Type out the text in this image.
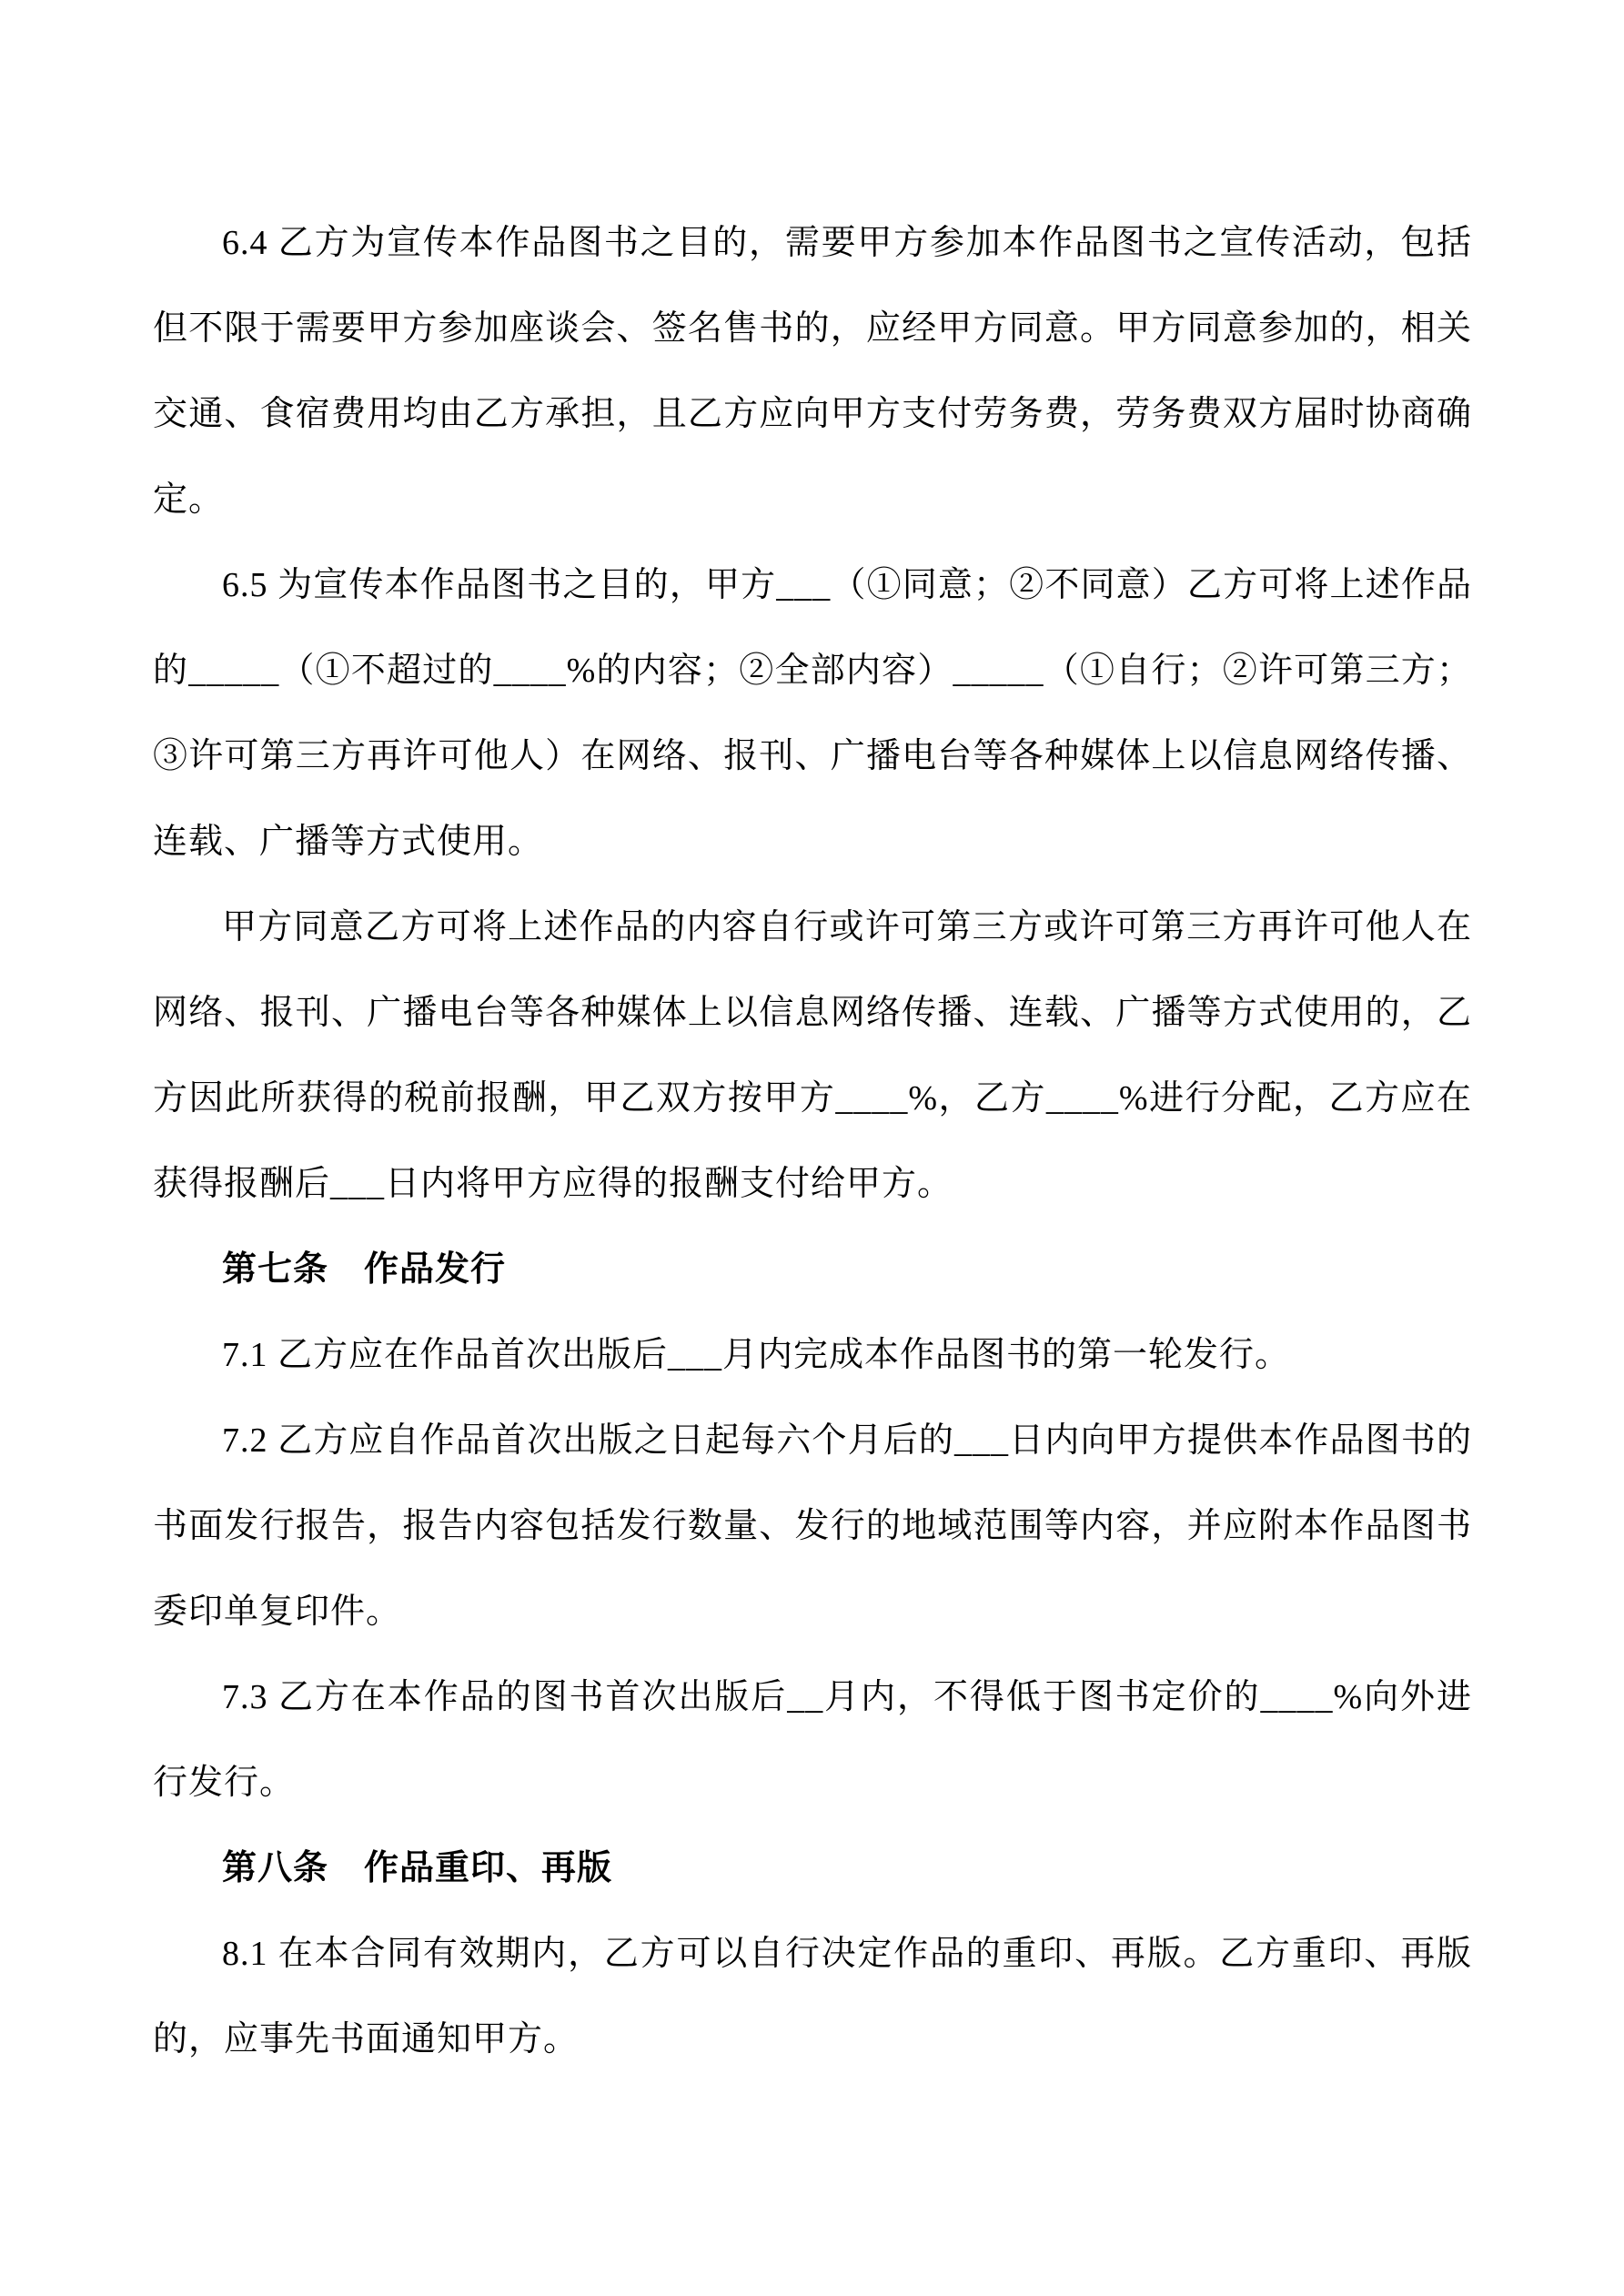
6.4 乙方为宣传本作品图书之目的，需要甲方参加本作品图书之宣传活动，包括但不限于需要甲方参加座谈会、签名售书的，应经甲方同意。甲方同意参加的，相关交通、食宿费用均由乙方承担，且乙方应向甲方支付劳务费，劳务费双方届时协商确定。

6.5 为宣传本作品图书之目的，甲方___（①同意；②不同意）乙方可将上述作品的_____（①不超过的____%的内容；②全部内容）_____（①自行；②许可第三方；③许可第三方再许可他人）在网络、报刊、广播电台等各种媒体上以信息网络传播、连载、广播等方式使用。

甲方同意乙方可将上述作品的内容自行或许可第三方或许可第三方再许可他人在网络、报刊、广播电台等各种媒体上以信息网络传播、连载、广播等方式使用的，乙方因此所获得的税前报酬，甲乙双方按甲方____%，乙方____%进行分配，乙方应在获得报酬后___日内将甲方应得的报酬支付给甲方。

第七条　作品发行

7.1 乙方应在作品首次出版后___月内完成本作品图书的第一轮发行。

7.2 乙方应自作品首次出版之日起每六个月后的___日内向甲方提供本作品图书的书面发行报告，报告内容包括发行数量、发行的地域范围等内容，并应附本作品图书委印单复印件。

7.3 乙方在本作品的图书首次出版后__月内，不得低于图书定价的____%向外进行发行。

第八条　作品重印、再版

8.1 在本合同有效期内，乙方可以自行决定作品的重印、再版。乙方重印、再版的，应事先书面通知甲方。
